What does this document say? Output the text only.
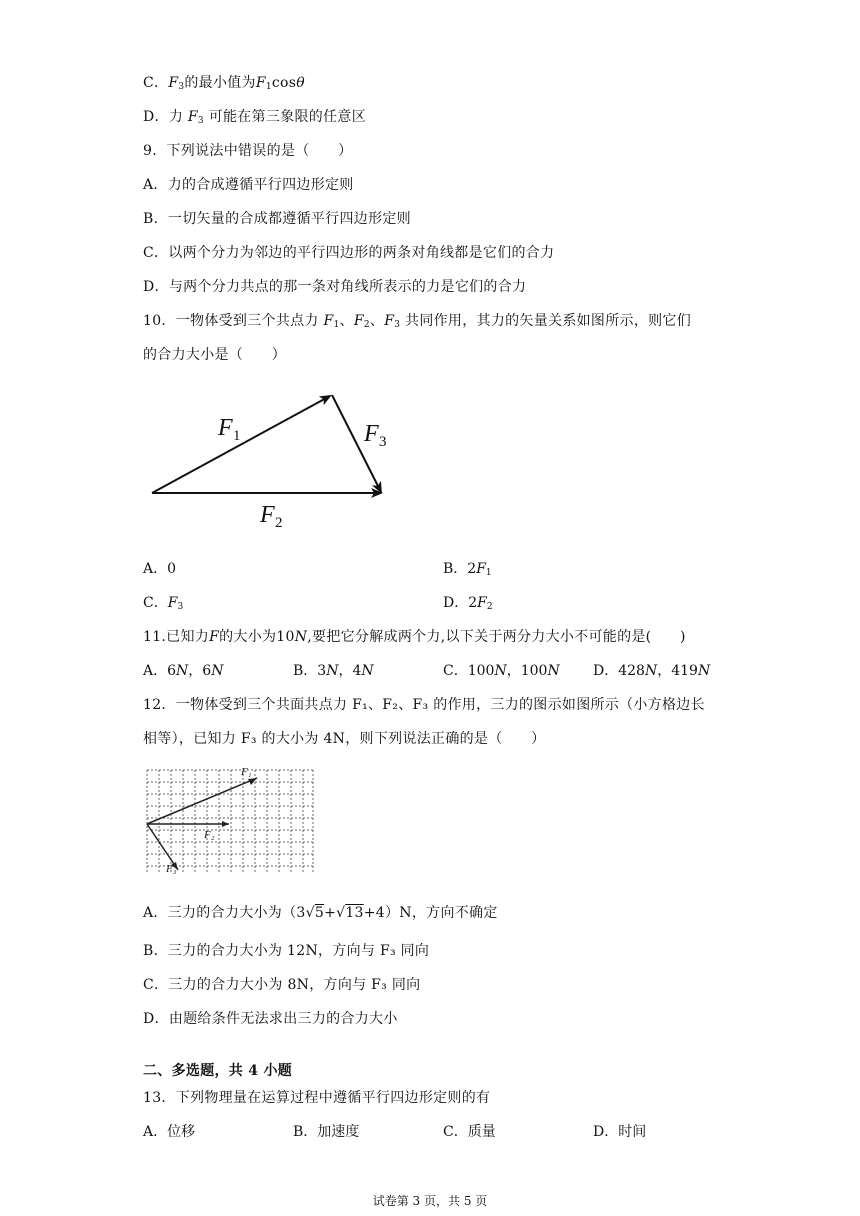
C．$F_3$的最小值为$F_1\cos\theta$
D．力 $F_3$ 可能在第三象限的任意区
9．下列说法中错误的是（　　）
A．力的合成遵循平行四边形定则
B．一切矢量的合成都遵循平行四边形定则
C．以两个分力为邻边的平行四边形的两条对角线都是它们的合力
D．与两个分力共点的那一条对角线所表示的力是它们的合力
10．一物体受到三个共点力 $F_1$、$F_2$、$F_3$ 共同作用，其力的矢量关系如图所示，则它们
的合力大小是（　　）
F 1	F 3
F 2
A．0	B．$2F_1$
C．$F_3$	D．$2F_2$
11.已知力F的大小为10N,要把它分解成两个力,以下关于两分力大小不可能的是(　　)
A．6N，6N	B．3N，4N	C．100N，100N D．428N，419N
12．一物体受到三个共面共点力 F₁、F₂、F₃ 的作用，三力的图示如图所示（小方格边长
相等），已知力 F₃ 的大小为 4N，则下列说法正确的是（　　）
F₁
F₂
F₃
A．三力的合力大小为（3√5+√13+4）N，方向不确定
B．三力的合力大小为 12N，方向与 F₃ 同向
C．三力的合力大小为 8N，方向与 F₃ 同向
D．由题给条件无法求出三力的合力大小
二、多选题，共 4 小题
13．下列物理量在运算过程中遵循平行四边形定则的有
A．位移	B．加速度	C．质量	D．时间
试卷第 3 页，共 5 页
